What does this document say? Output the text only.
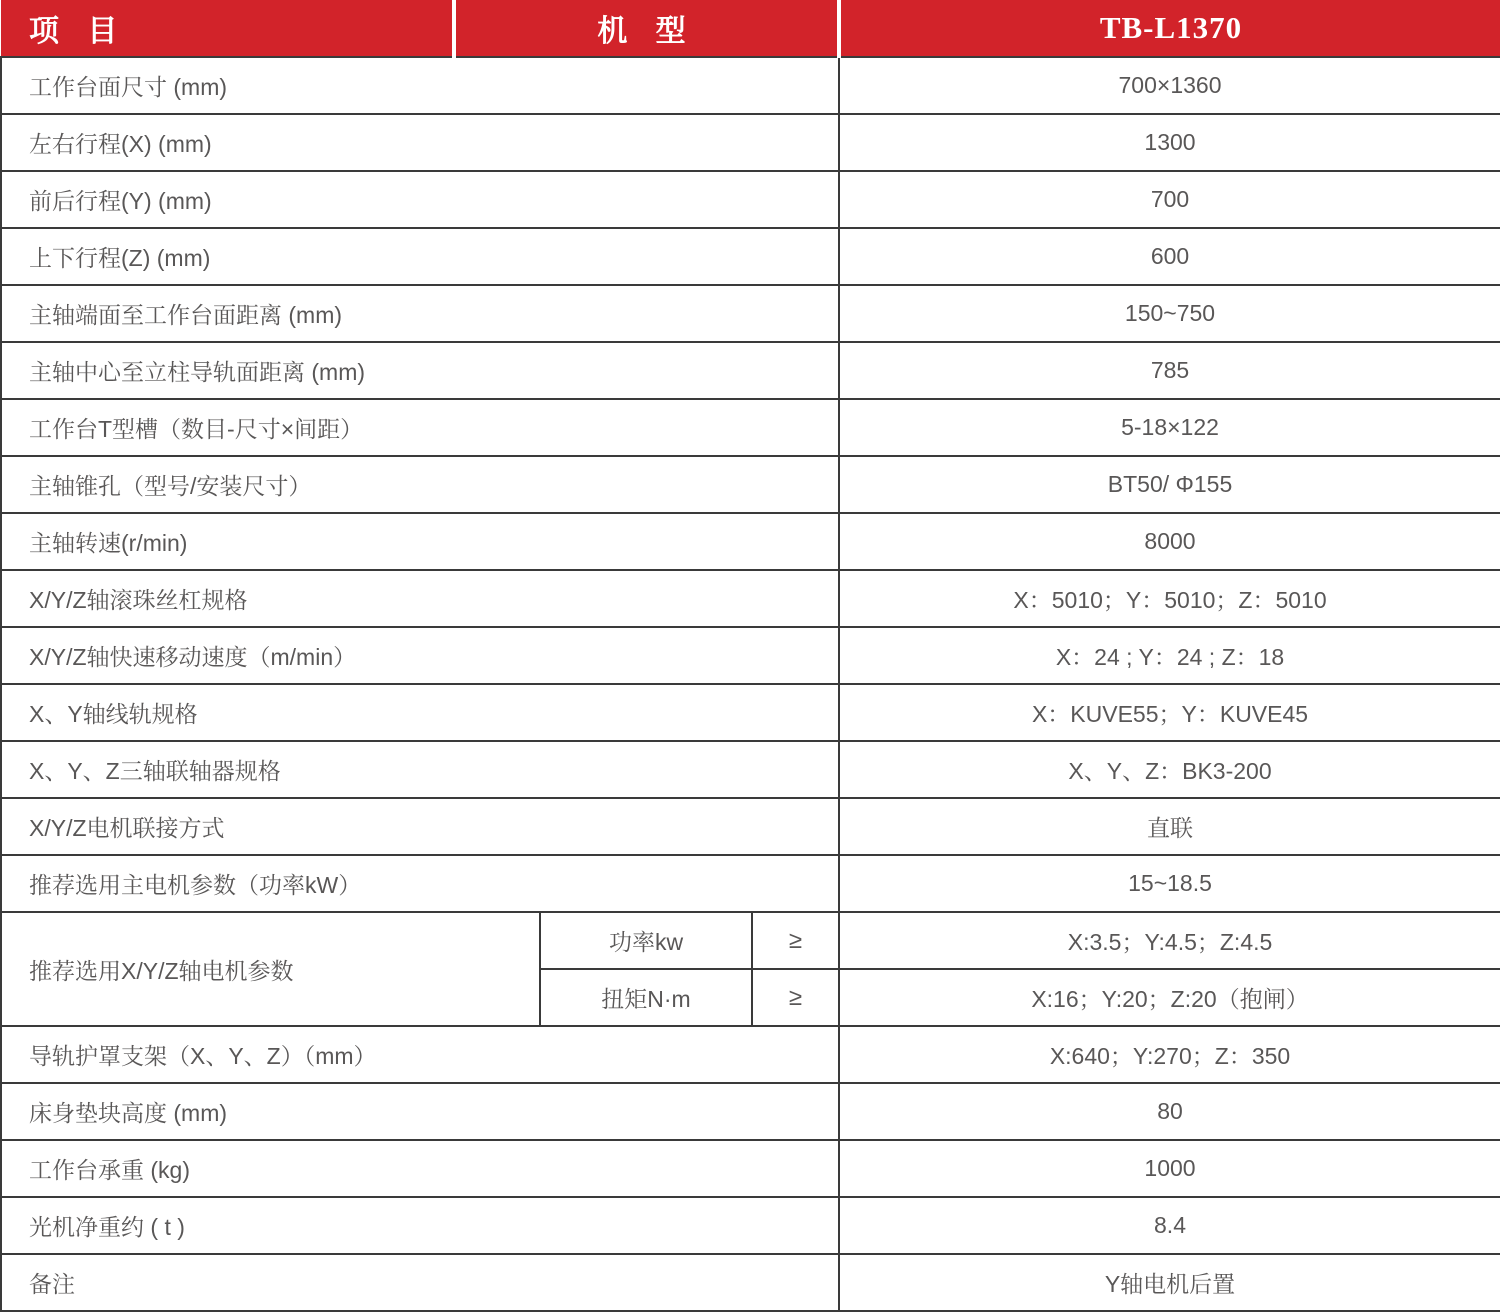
项 目	机 型			TB-L1370
工作台面尺寸 (mm)				700×1360
左右行程(X) (mm)				1300
前后行程(Y) (mm)				700
上下行程(Z) (mm)				600
主轴端面至工作台面距离 (mm)				150~750
主轴中心至立柱导轨面距离 (mm)				785
工作台T型槽（数目-尺寸×间距）				5-18×122
主轴锥孔（型号/安装尺寸）				BT50/ Φ155
主轴转速(r/min)				8000
X/Y/Z轴滚珠丝杠规格				X：5010；Y：5010；Z：5010
X/Y/Z轴快速移动速度（m/min）				X：24 ; Y：24 ; Z：18
X、Y轴线轨规格				X：KUVE55；Y：KUVE45
X、Y、Z三轴联轴器规格				X、Y、Z：BK3-200
X/Y/Z电机联接方式				直联
推荐选用主电机参数（功率kW）				15~18.5
推荐选用X/Y/Z轴电机参数		功率kw	≥	X:3.5；Y:4.5；Z:4.5
		扭矩N·m	≥	X:16；Y:20；Z:20（抱闸）
导轨护罩支架（X、Y、Z）（mm）				X:640；Y:270；Z：350
床身垫块高度 (mm)				80
工作台承重 (kg)				1000
光机净重约 ( t )				8.4
备注				Y轴电机后置
